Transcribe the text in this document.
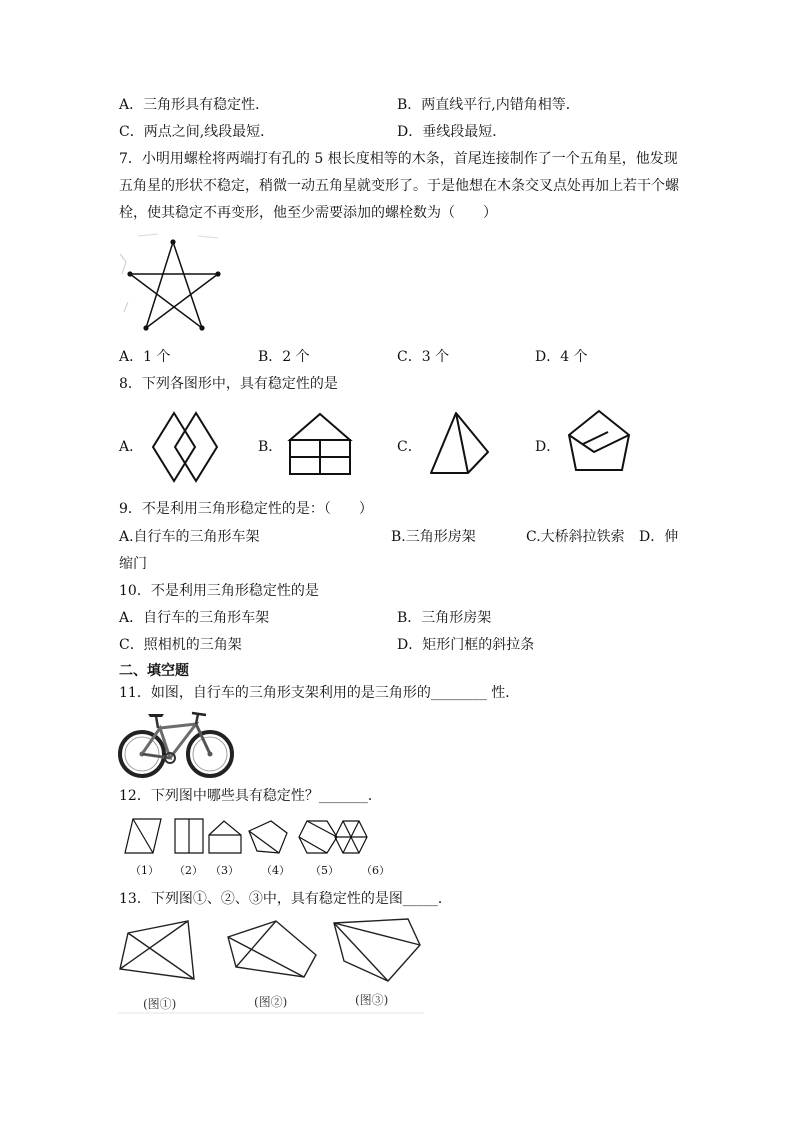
A．三角形具有稳定性．	B．两直线平行,内错角相等．
C．两点之间,线段最短．	D．垂线段最短．
7．小明用螺栓将两端打有孔的 5 根长度相等的木条，首尾连接制作了一个五角星，他发现
五角星的形状不稳定，稍微一动五角星就变形了。于是他想在木条交叉点处再加上若干个螺
栓，使其稳定不再变形，他至少需要添加的螺栓数为（　　）
A．1 个	B．2 个	C．3 个	D．4 个
8．下列各图形中，具有稳定性的是
A．	B．	C．	D．
9．不是利用三角形稳定性的是：（　　）
A.自行车的三角形车架	B.三角形房架	C.大桥斜拉铁索 D．伸
缩门
10．不是利用三角形稳定性的是
A．自行车的三角形车架	B．三角形房架
C．照相机的三角架	D．矩形门框的斜拉条
二、填空题
11．如图，自行车的三角形支架利用的是三角形的________ 性．
12．下列图中哪些具有稳定性？_______．
（1） （2） （3） （4） （5） （6）
13．下列图①、②、③中，具有稳定性的是图_____．
(图①)	(图②)	(图③)
